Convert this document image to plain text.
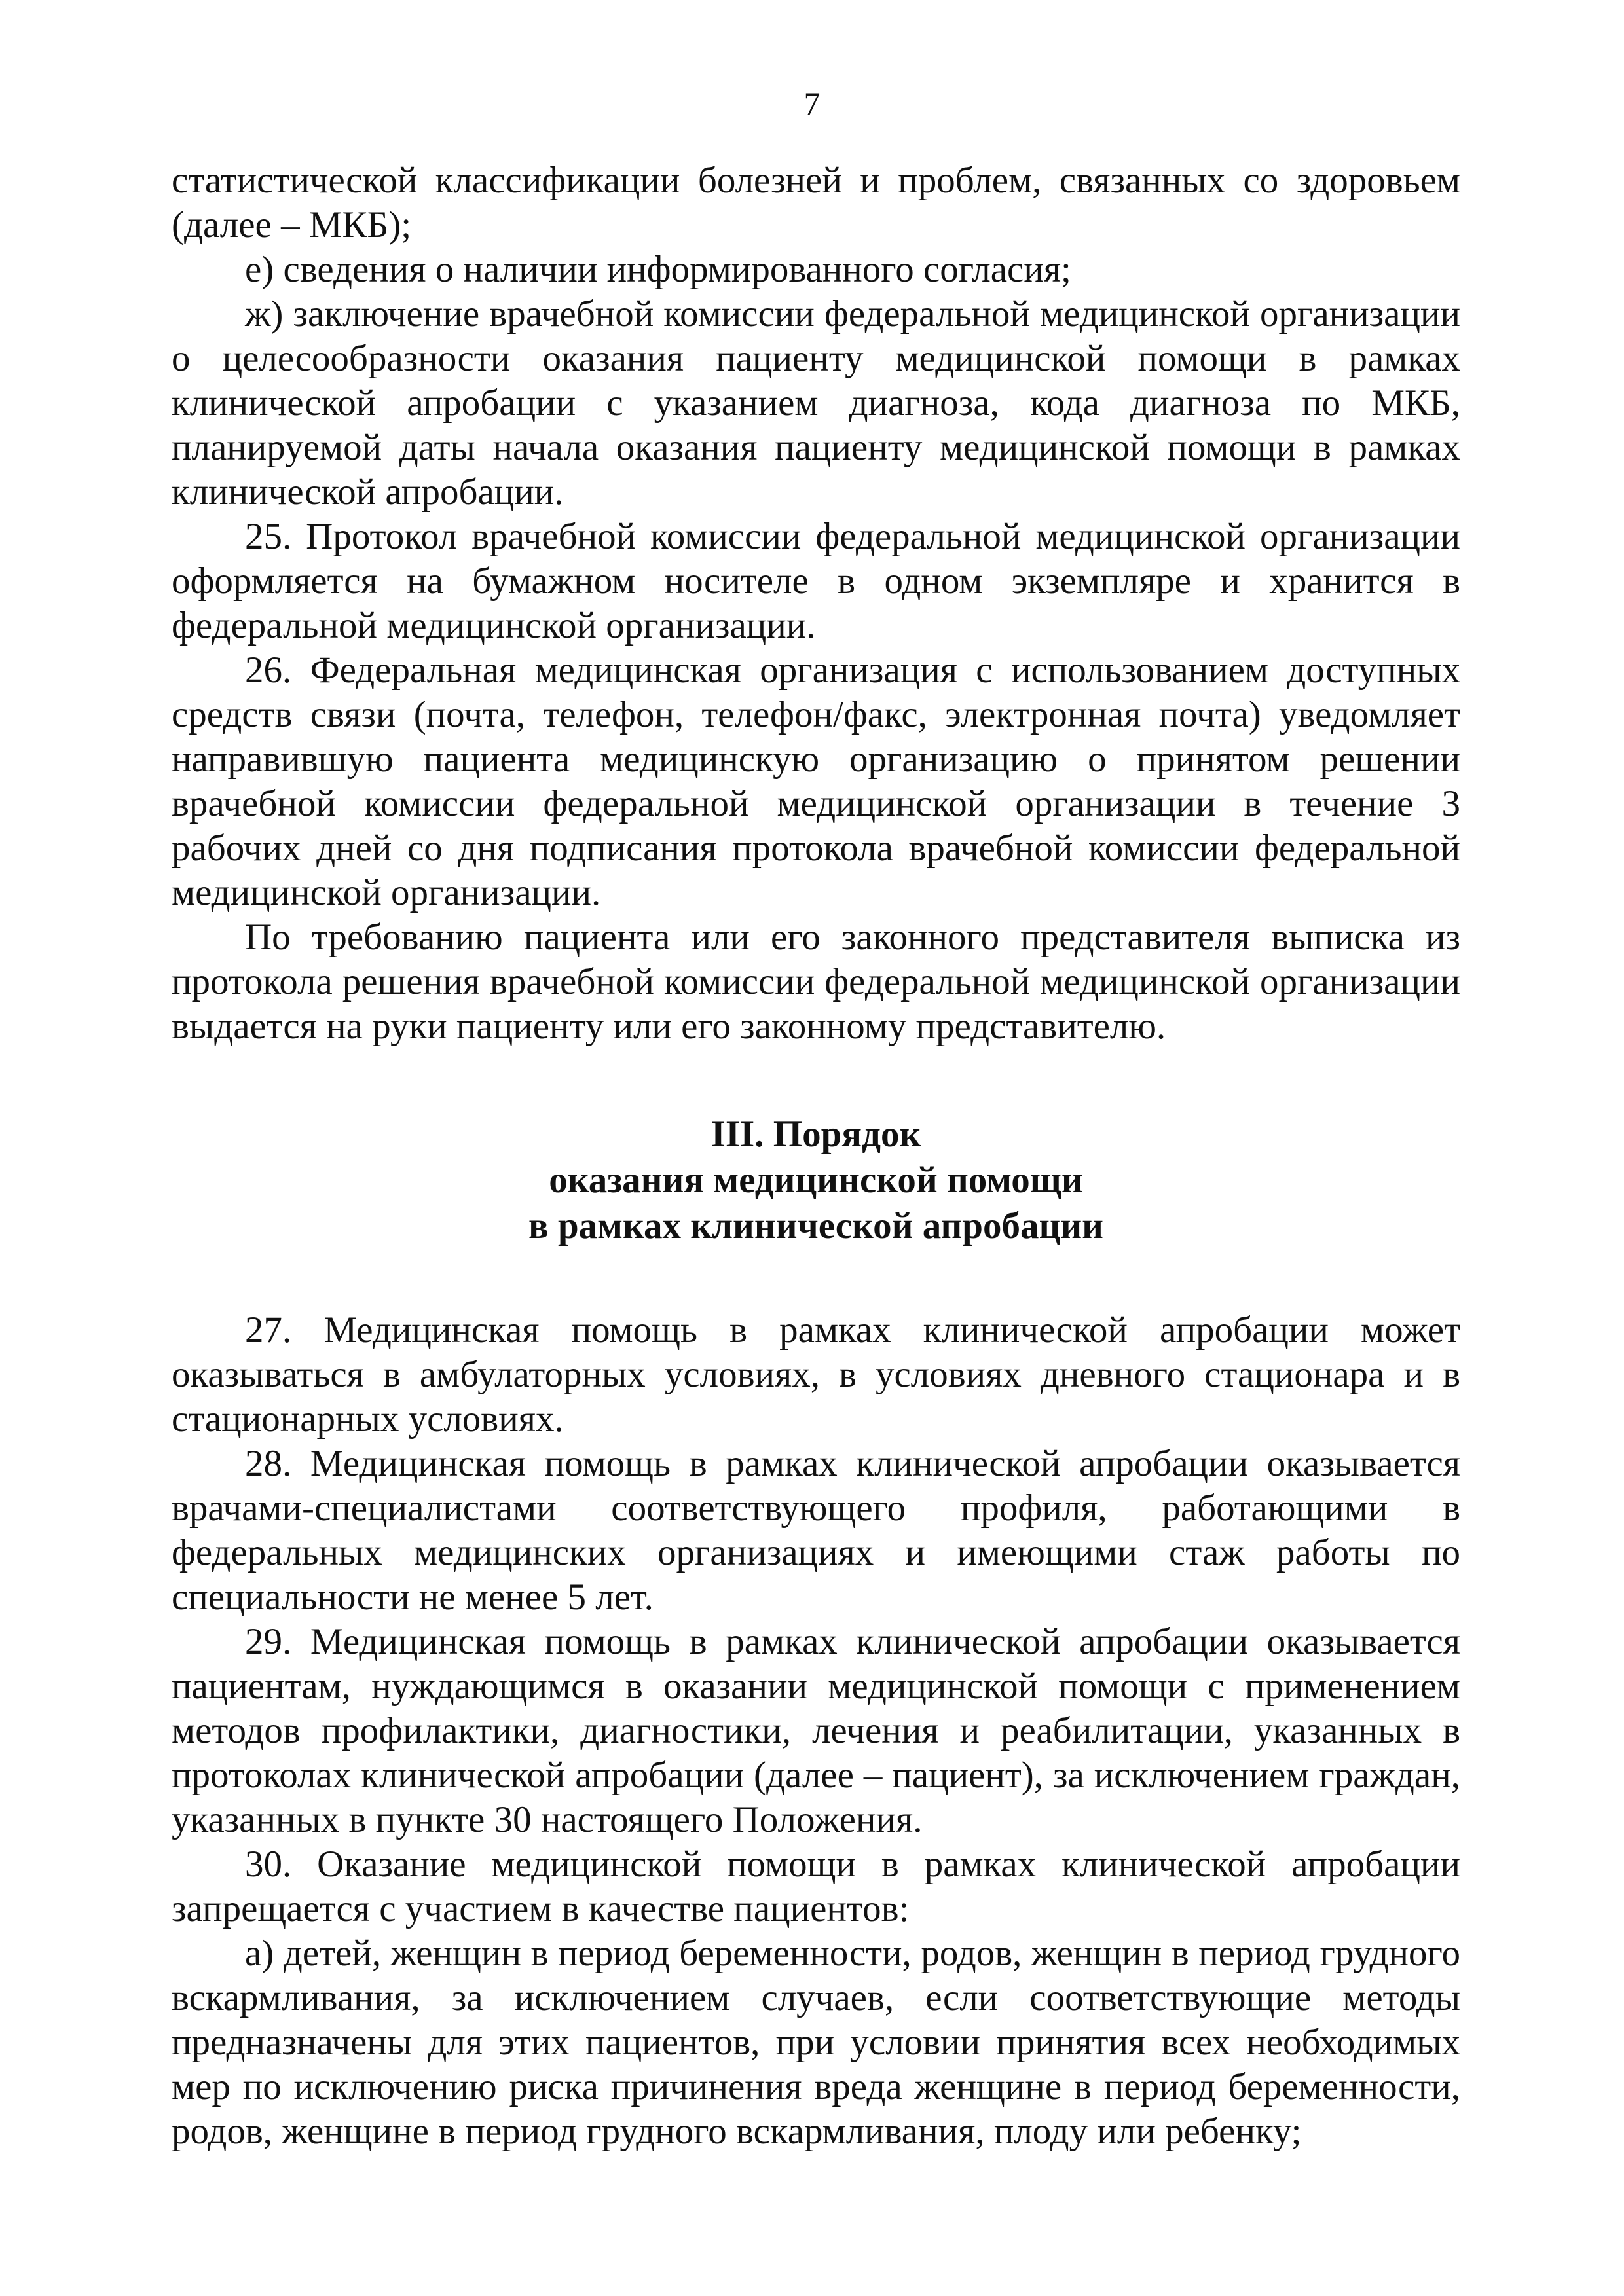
7

статистической классификации болезней и проблем, связанных со здоровьем (далее – МКБ);

е) сведения о наличии информированного согласия;

ж) заключение врачебной комиссии федеральной медицинской организации о целесообразности оказания пациенту медицинской помощи в рамках клинической апробации с указанием диагноза, кода диагноза по МКБ, планируемой даты начала оказания пациенту медицинской помощи в рамках клинической апробации.

25. Протокол врачебной комиссии федеральной медицинской организации оформляется на бумажном носителе в одном экземпляре и хранится в федеральной медицинской организации.

26. Федеральная медицинская организация с использованием доступных средств связи (почта, телефон, телефон/факс, электронная почта) уведомляет направившую пациента медицинскую организацию о принятом решении врачебной комиссии федеральной медицинской организации в течение 3 рабочих дней со дня подписания протокола врачебной комиссии федеральной медицинской организации.

По требованию пациента или его законного представителя выписка из протокола решения врачебной комиссии федеральной медицинской организации выдается на руки пациенту или его законному представителю.

III. Порядок
оказания медицинской помощи
в рамках клинической апробации

27. Медицинская помощь в рамках клинической апробации может оказываться в амбулаторных условиях, в условиях дневного стационара и в стационарных условиях.

28. Медицинская помощь в рамках клинической апробации оказывается врачами-специалистами соответствующего профиля, работающими в федеральных медицинских организациях и имеющими стаж работы по специальности не менее 5 лет.

29. Медицинская помощь в рамках клинической апробации оказывается пациентам, нуждающимся в оказании медицинской помощи с применением методов профилактики, диагностики, лечения и реабилитации, указанных в протоколах клинической апробации (далее – пациент), за исключением граждан, указанных в пункте 30 настоящего Положения.

30. Оказание медицинской помощи в рамках клинической апробации запрещается с участием в качестве пациентов:

а) детей, женщин в период беременности, родов, женщин в период грудного вскармливания, за исключением случаев, если соответствующие методы предназначены для этих пациентов, при условии принятия всех необходимых мер по исключению риска причинения вреда женщине в период беременности, родов, женщине в период грудного вскармливания, плоду или ребенку;
